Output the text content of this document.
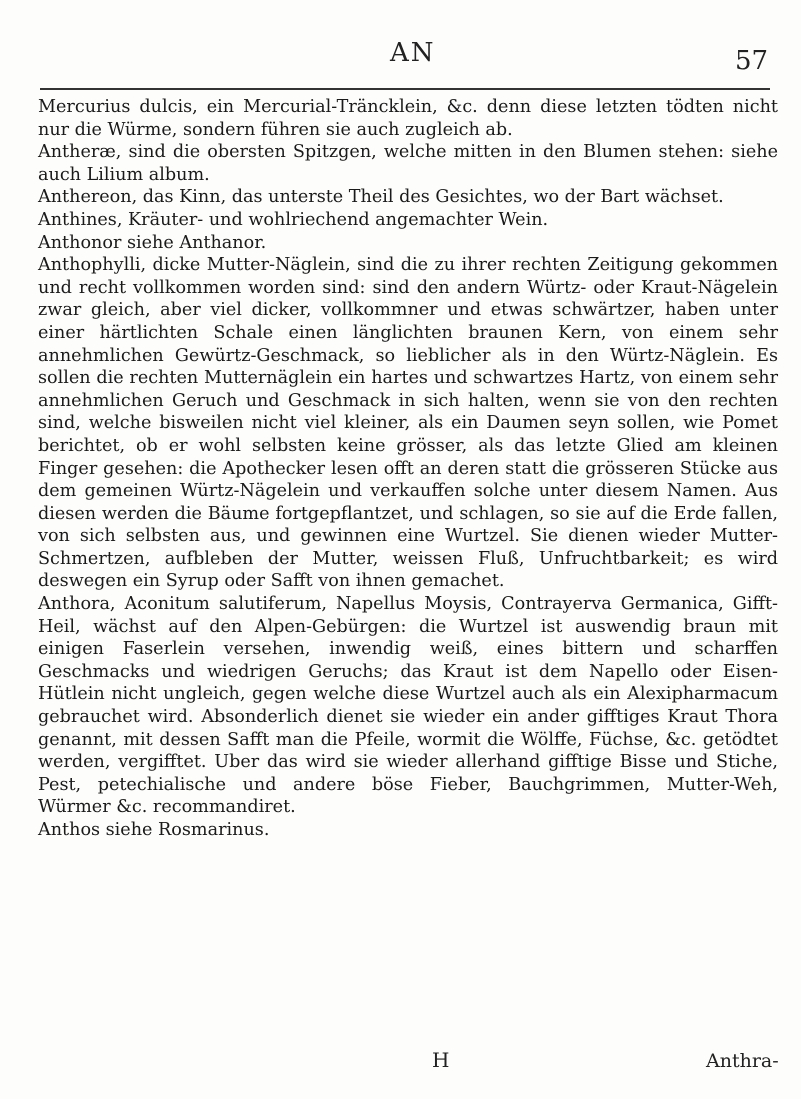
AN	57

Mercurius dulcis, ein Mercurial-Träncklein, &c. denn diese letzten tödten nicht nur die Würme, sondern führen sie auch zugleich ab.

Antheræ, sind die obersten Spitzgen, welche mitten in den Blumen stehen: siehe auch Lilium album.

Anthereon, das Kinn, das unterste Theil des Gesichtes, wo der Bart wächset.

Anthines, Kräuter- und wohlriechend angemachter Wein.

Anthonor siehe Anthanor.

Anthophylli, dicke Mutter-Näglein, sind die zu ihrer rechten Zeitigung gekommen und recht vollkommen worden sind: sind den andern Würtz- oder Kraut-Nägelein zwar gleich, aber viel dicker, vollkommner und etwas schwärtzer, haben unter einer härtlichten Schale einen länglichten braunen Kern, von einem sehr annehmlichen Gewürtz-Geschmack, so lieblicher als in den Würtz-Näglein. Es sollen die rechten Mutternäglein ein hartes und schwartzes Hartz, von einem sehr annehmlichen Geruch und Geschmack in sich halten, wenn sie von den rechten sind, welche bisweilen nicht viel kleiner, als ein Daumen seyn sollen, wie Pomet berichtet, ob er wohl selbsten keine grösser, als das letzte Glied am kleinen Finger gesehen: die Apothecker lesen offt an deren statt die grösseren Stücke aus dem gemeinen Würtz-Nägelein und verkauffen solche unter diesem Namen. Aus diesen werden die Bäume fortgepflantzet, und schlagen, so sie auf die Erde fallen, von sich selbsten aus, und gewinnen eine Wurtzel. Sie dienen wieder Mutter-Schmertzen, aufbleben der Mutter, weissen Fluß, Unfruchtbarkeit; es wird deswegen ein Syrup oder Safft von ihnen gemachet.

Anthora, Aconitum salutiferum, Napellus Moysis, Contrayerva Germanica, Gifft-Heil, wächst auf den Alpen-Gebürgen: die Wurtzel ist auswendig braun mit einigen Faserlein versehen, inwendig weiß, eines bittern und scharffen Geschmacks und wiedrigen Geruchs; das Kraut ist dem Napello oder Eisen-Hütlein nicht ungleich, gegen welche diese Wurtzel auch als ein Alexipharmacum gebrauchet wird. Absonderlich dienet sie wieder ein ander gifftiges Kraut Thora genannt, mit dessen Safft man die Pfeile, wormit die Wölffe, Füchse, &c. getödtet werden, vergifftet. Uber das wird sie wieder allerhand gifftige Bisse und Stiche, Pest, petechialische und andere böse Fieber, Bauchgrimmen, Mutter-Weh, Würmer &c. recommandiret.

Anthos siehe Rosmarinus.

H	Anthra-
